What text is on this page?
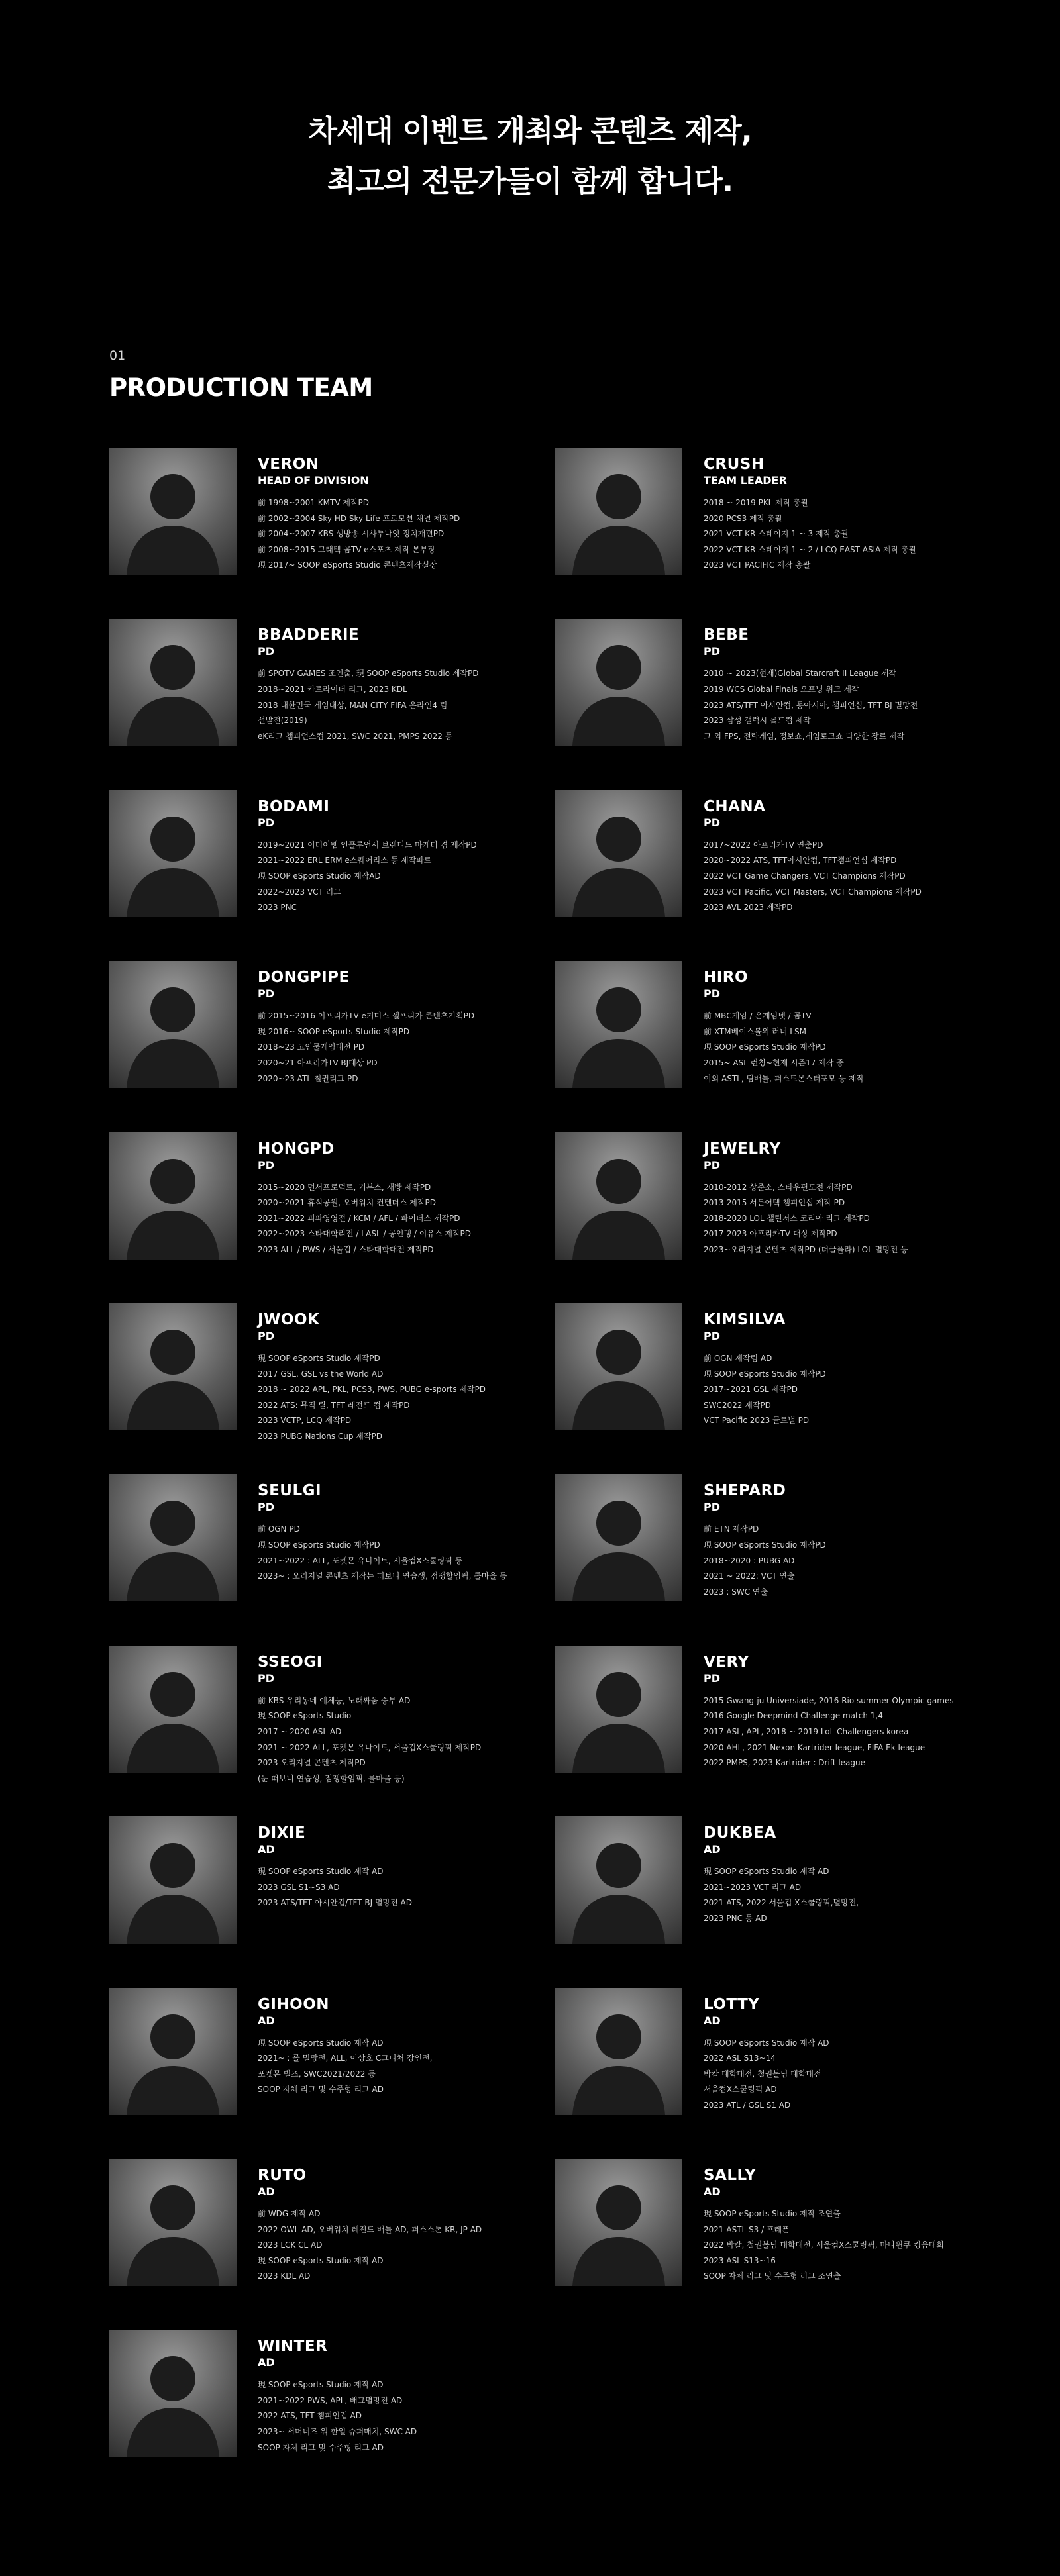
차세대 이벤트 개최와 콘텐츠 제작,
최고의 전문가들이 함께 합니다.
01
PRODUCTION TEAM
VERON
HEAD OF DIVISION
前 1998~2001 KMTV 제작PD
前 2002~2004 Sky HD Sky Life 프로모션 채널 제작PD
前 2004~2007 KBS 생방송 시사투나잇 정치개편PD
前 2008~2015 그래텍 곰TV e스포츠 제작 본부장
現 2017~ SOOP eSports Studio 콘텐츠제작실장
CRUSH
TEAM LEADER
2018 ~ 2019 PKL 제작 총괄
2020 PCS3 제작 총괄
2021 VCT KR 스테이지 1 ~ 3 제작 총괄
2022 VCT KR 스테이지 1 ~ 2 / LCQ EAST ASIA 제작 총괄
2023 VCT PACIFIC 제작 총괄
BBADDERIE
PD
前 SPOTV GAMES 조연출, 現 SOOP eSports Studio 제작PD
2018~2021 카트라이더 리그, 2023 KDL
2018 대한민국 게임대상, MAN CITY FIFA 온라인4 팀
선발전(2019)
eK리그 챔피언스컵 2021, SWC 2021, PMPS 2022 등
BEBE
PD
2010 ~ 2023(현재)Global Starcraft II League 제작
2019 WCS Global Finals 오프닝 위크 제작
2023 ATS/TFT 아시안컵, 동아시아, 챔피언십, TFT BJ 멸망전
2023 삼성 갤럭시 롤드컵 제작
그 외 FPS, 전략게임, 정보쇼,게임토크쇼 다양한 장르 제작
BODAMI
PD
2019~2021 이더어웹 인플루언서 브랜디드 마케터 겸 제작PD
2021~2022 ERL ERM e스퀘어리스 등 제작파트
現 SOOP eSports Studio 제작AD
2022~2023 VCT 리그
2023 PNC
CHANA
PD
2017~2022 아프리카TV 연출PD
2020~2022 ATS, TFT아시안컵, TFT챔피언십 제작PD
2022 VCT Game Changers, VCT Champions 제작PD
2023 VCT Pacific, VCT Masters, VCT Champions 제작PD
2023 AVL 2023 제작PD
DONGPIPE
PD
前 2015~2016 이프리카TV e커머스 셀프리카 콘텐츠기획PD
現 2016~ SOOP eSports Studio 제작PD
2018~23 고인물게임대전 PD
2020~21 아프리카TV BJ대상 PD
2020~23 ATL 철권리그 PD
HIRO
PD
前 MBC게임 / 온게임넷 / 곰TV
前 XTM베이스볼위 러너 LSM
現 SOOP eSports Studio 제작PD
2015~ ASL 런칭~현재 시즌17 제작 중
이외 ASTL, 팀배틀, 퍼스트몬스터포모 등 제작
HONGPD
PD
2015~2020 던서프로덕트, 기부스, 재방 제작PD
2020~2021 휴식공원, 오버워치 컨텐더스 제작PD
2021~2022 피파영영전 / KCM / AFL / 파이더스 제작PD
2022~2023 스타대학리전 / LASL / 공인랭 / 이유스 제작PD
2023 ALL / PWS / 서울컵 / 스타대학대전 제작PD
JEWELRY
PD
2010-2012 상준소, 스타우편도전 제작PD
2013-2015 서든어택 챔피언십 제작 PD
2018-2020 LOL 챌린저스 코리아 리그 제작PD
2017-2023 아프리카TV 대상 제작PD
2023~오리지널 콘텐츠 제작PD (더글플라) LOL 멸망전 등
JWOOK
PD
現 SOOP eSports Studio 제작PD
2017 GSL, GSL vs the World AD
2018 ~ 2022 APL, PKL, PCS3, PWS, PUBG e-sports 제작PD
2022 ATS: 뮤직 릴, TFT 레전드 컵 제작PD
2023 VCTP, LCQ 제작PD
2023 PUBG Nations Cup 제작PD
KIMSILVA
PD
前 OGN 제작팀 AD
現 SOOP eSports Studio 제작PD
2017~2021 GSL 제작PD
SWC2022 제작PD
VCT Pacific 2023 글로벌 PD
SEULGI
PD
前 OGN PD
現 SOOP eSports Studio 제작PD
2021~2022 : ALL, 포켓몬 유나이트, 서울컵X스쿨링픽 등
2023~ : 오리지널 콘텐츠 제작는 떠보니 연습생, 점쟁할임픽, 롤마을 등
SHEPARD
PD
前 ETN 제작PD
現 SOOP eSports Studio 제작PD
2018~2020 : PUBG AD
2021 ~ 2022: VCT 연출
2023 : SWC 연출
SSEOGI
PD
前 KBS 우리동네 예체능, 노래싸움 승부 AD
現 SOOP eSports Studio
2017 ~ 2020 ASL AD
2021 ~ 2022 ALL, 포켓몬 유나이트, 서울컵X스쿨링픽 제작PD
2023 오리지널 콘텐츠 제작PD
(눈 떠보니 연습생, 점쟁할임픽, 롤마을 등)
VERY
PD
2015 Gwang-ju Universiade, 2016 Rio summer Olympic games
2016 Google Deepmind Challenge match 1,4
2017 ASL, APL, 2018 ~ 2019 LoL Challengers korea
2020 AHL, 2021 Nexon Kartrider league, FIFA Ek league
2022 PMPS, 2023 Kartrider : Drift league
DIXIE
AD
現 SOOP eSports Studio 제작 AD
2023 GSL S1~S3 AD
2023 ATS/TFT 아시안컵/TFT BJ 멸망전 AD
DUKBEA
AD
現 SOOP eSports Studio 제작 AD
2021~2023 VCT 리그 AD
2021 ATS, 2022 서울컵 X스쿨링픽,멸망전,
2023 PNC 등 AD
GIHOON
AD
現 SOOP eSports Studio 제작 AD
2021~ : 롤 멸망전, ALL, 이상호 C그니처 장인전,
포켓몬 빌즈, SWC2021/2022 등
SOOP 자체 리그 및 수주형 리그 AD
LOTTY
AD
現 SOOP eSports Studio 제작 AD
2022 ASL S13~14
박칼 대학대전, 철권볼님 대학대전
서울컵X스쿨링픽 AD
2023 ATL / GSL S1 AD
RUTO
AD
前 WDG 제작 AD
2022 OWL AD, 오버워치 레전드 배틀 AD, 퍼스스톤 KR, JP AD
2023 LCK CL AD
現 SOOP eSports Studio 제작 AD
2023 KDL AD
SALLY
AD
現 SOOP eSports Studio 제작 조연출
2021 ASTL S3 / 프레픈
2022 박칼, 철권볼님 대학대전, 서울컵X스쿨링픽, 마나윈쿠 킹윰대회
2023 ASL S13~16
SOOP 자체 리그 및 수주형 리그 조연출
WINTER
AD
現 SOOP eSports Studio 제작 AD
2021~2022 PWS, APL, 배그멸망전 AD
2022 ATS, TFT 챔피언컵 AD
2023~ 서머너즈 워 한일 슈퍼매치, SWC AD
SOOP 자체 리그 및 수주형 리그 AD
